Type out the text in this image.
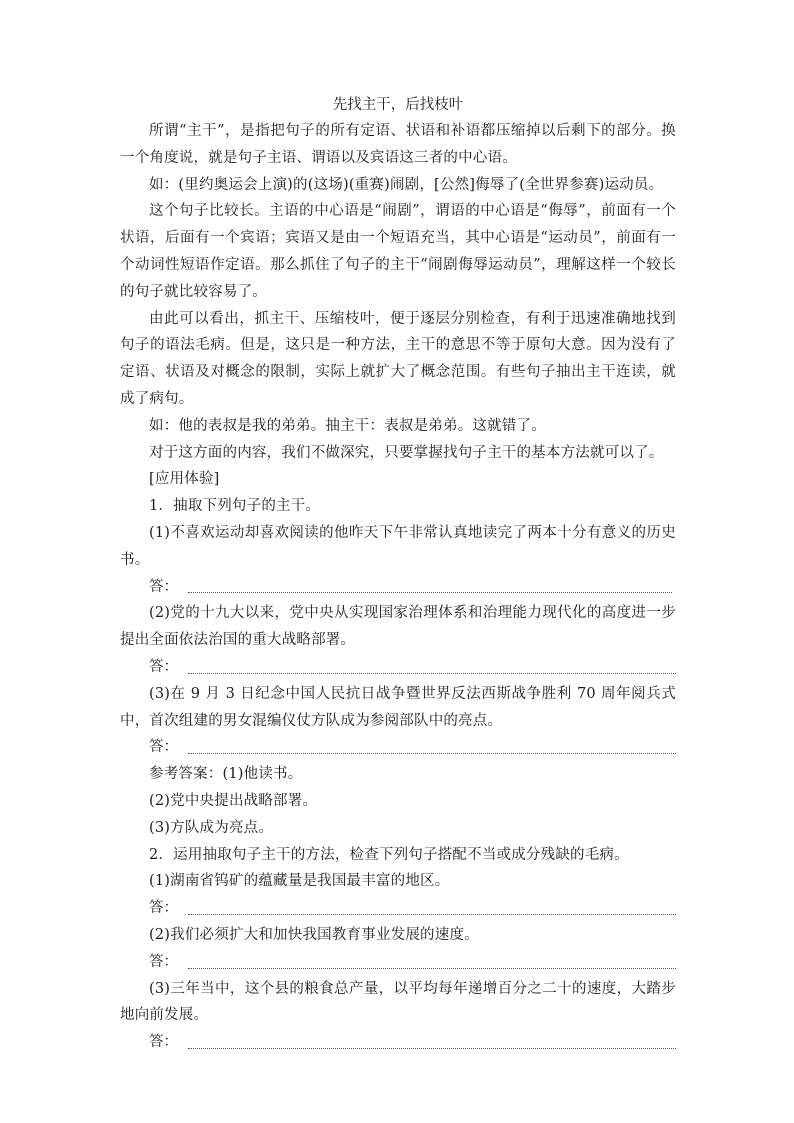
先找主干，后找枝叶

所谓“主干”，是指把句子的所有定语、状语和补语都压缩掉以后剩下的部分。换一个角度说，就是句子主语、谓语以及宾语这三者的中心语。

如：(里约奥运会上演)的(这场)(重赛)闹剧，[公然]侮辱了(全世界参赛)运动员。

这个句子比较长。主语的中心语是“闹剧”，谓语的中心语是“侮辱”，前面有一个状语，后面有一个宾语；宾语又是由一个短语充当，其中心语是“运动员”，前面有一个动词性短语作定语。那么抓住了句子的主干“闹剧侮辱运动员”，理解这样一个较长的句子就比较容易了。

由此可以看出，抓主干、压缩枝叶，便于逐层分别检查，有利于迅速准确地找到句子的语法毛病。但是，这只是一种方法，主干的意思不等于原句大意。因为没有了定语、状语及对概念的限制，实际上就扩大了概念范围。有些句子抽出主干连读，就成了病句。

如：他的表叔是我的弟弟。抽主干：表叔是弟弟。这就错了。

对于这方面的内容，我们不做深究，只要掌握找句子主干的基本方法就可以了。

[应用体验]

1．抽取下列句子的主干。

(1)不喜欢运动却喜欢阅读的他昨天下午非常认真地读完了两本十分有意义的历史书。

答：

(2)党的十九大以来，党中央从实现国家治理体系和治理能力现代化的高度进一步提出全面依法治国的重大战略部署。

答：

(3)在 9 月 3 日纪念中国人民抗日战争暨世界反法西斯战争胜利 70 周年阅兵式中，首次组建的男女混编仪仗方队成为参阅部队中的亮点。

答：

参考答案：(1)他读书。

(2)党中央提出战略部署。

(3)方队成为亮点。

2．运用抽取句子主干的方法，检查下列句子搭配不当或成分残缺的毛病。

(1)湖南省钨矿的蕴藏量是我国最丰富的地区。

答：

(2)我们必须扩大和加快我国教育事业发展的速度。

答：

(3)三年当中，这个县的粮食总产量，以平均每年递增百分之二十的速度，大踏步地向前发展。

答：
